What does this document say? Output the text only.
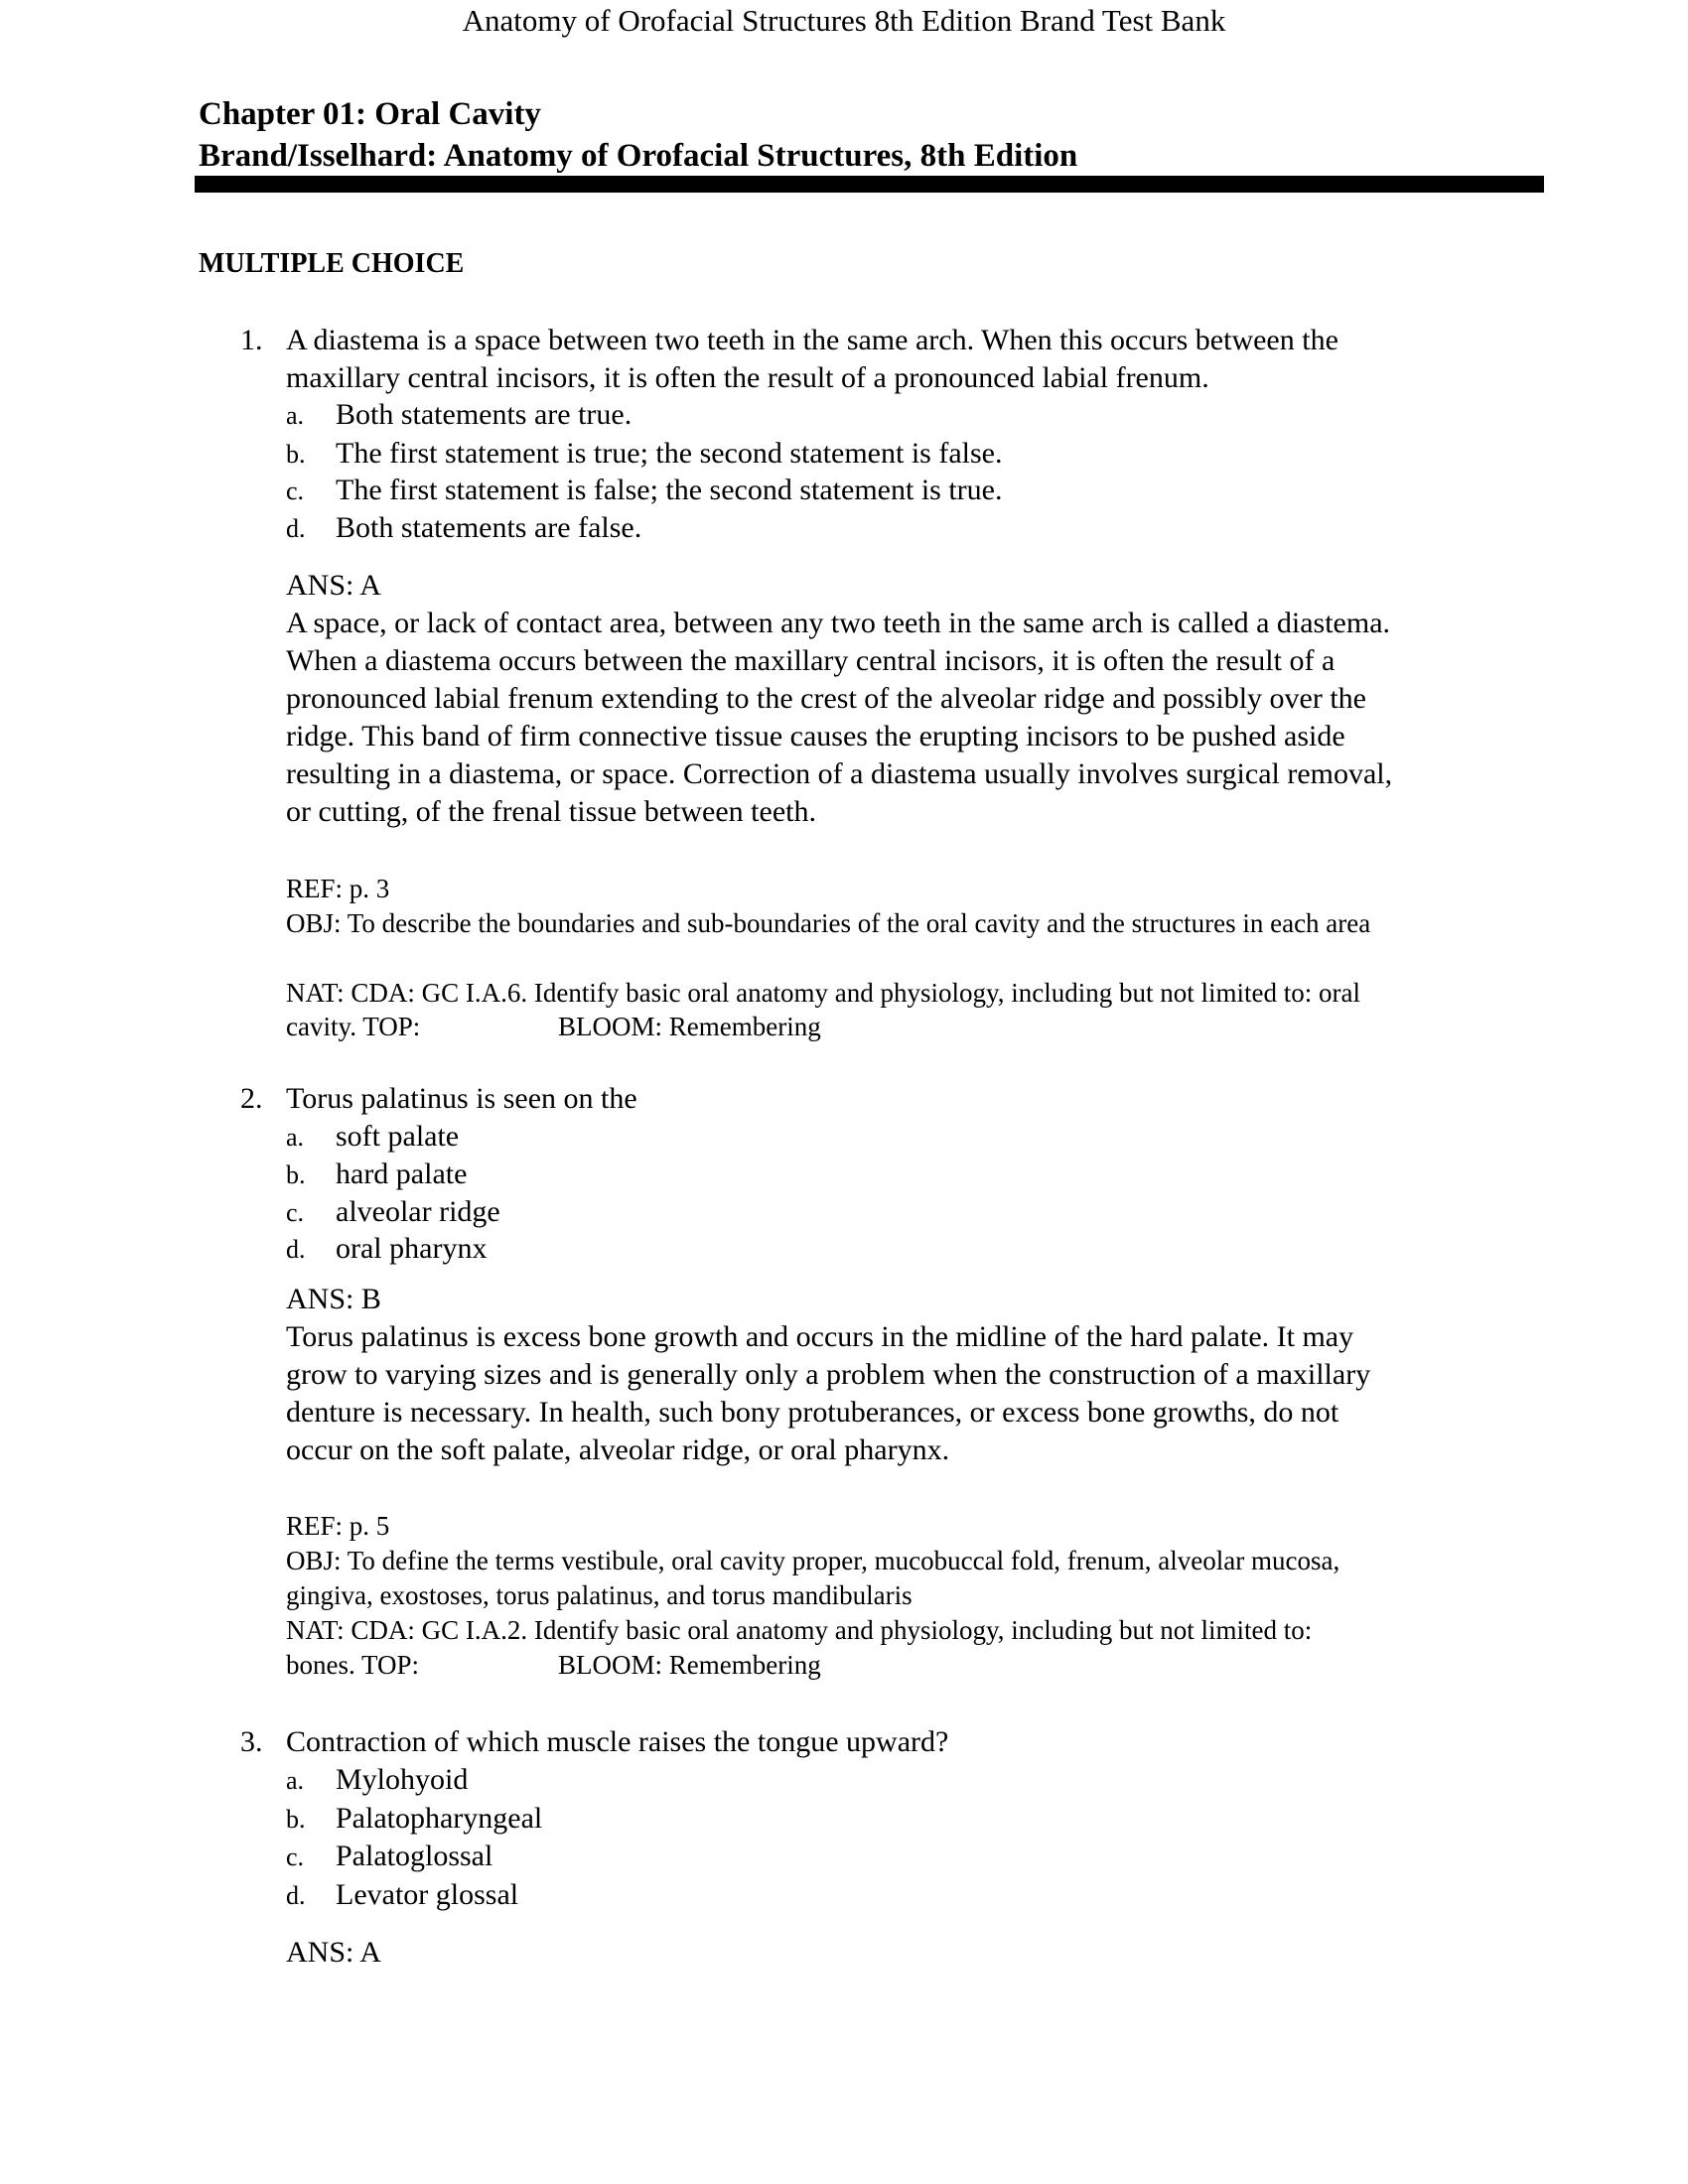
Anatomy of Orofacial Structures 8th Edition Brand Test Bank
Chapter 01: Oral Cavity
Brand/Isselhard: Anatomy of Orofacial Structures, 8th Edition
MULTIPLE CHOICE
1. A diastema is a space between two teeth in the same arch. When this occurs between the
maxillary central incisors, it is often the result of a pronounced labial frenum.
a. Both statements are true.
b. The first statement is true; the second statement is false.
c. The first statement is false; the second statement is true.
d. Both statements are false.
ANS: A
A space, or lack of contact area, between any two teeth in the same arch is called a diastema.
When a diastema occurs between the maxillary central incisors, it is often the result of a
pronounced labial frenum extending to the crest of the alveolar ridge and possibly over the
ridge. This band of firm connective tissue causes the erupting incisors to be pushed aside
resulting in a diastema, or space. Correction of a diastema usually involves surgical removal,
or cutting, of the frenal tissue between teeth.
REF: p. 3
OBJ: To describe the boundaries and sub-boundaries of the oral cavity and the structures in each area
NAT: CDA: GC I.A.6. Identify basic oral anatomy and physiology, including but not limited to: oral
cavity. TOP:	BLOOM: Remembering
2. Torus palatinus is seen on the
a. soft palate
b. hard palate
c. alveolar ridge
d. oral pharynx
ANS: B
Torus palatinus is excess bone growth and occurs in the midline of the hard palate. It may
grow to varying sizes and is generally only a problem when the construction of a maxillary
denture is necessary. In health, such bony protuberances, or excess bone growths, do not
occur on the soft palate, alveolar ridge, or oral pharynx.
REF: p. 5
OBJ: To define the terms vestibule, oral cavity proper, mucobuccal fold, frenum, alveolar mucosa,
gingiva, exostoses, torus palatinus, and torus mandibularis
NAT: CDA: GC I.A.2. Identify basic oral anatomy and physiology, including but not limited to:
bones. TOP:	BLOOM: Remembering
3. Contraction of which muscle raises the tongue upward?
a. Mylohyoid
b. Palatopharyngeal
c. Palatoglossal
d. Levator glossal
ANS: A
